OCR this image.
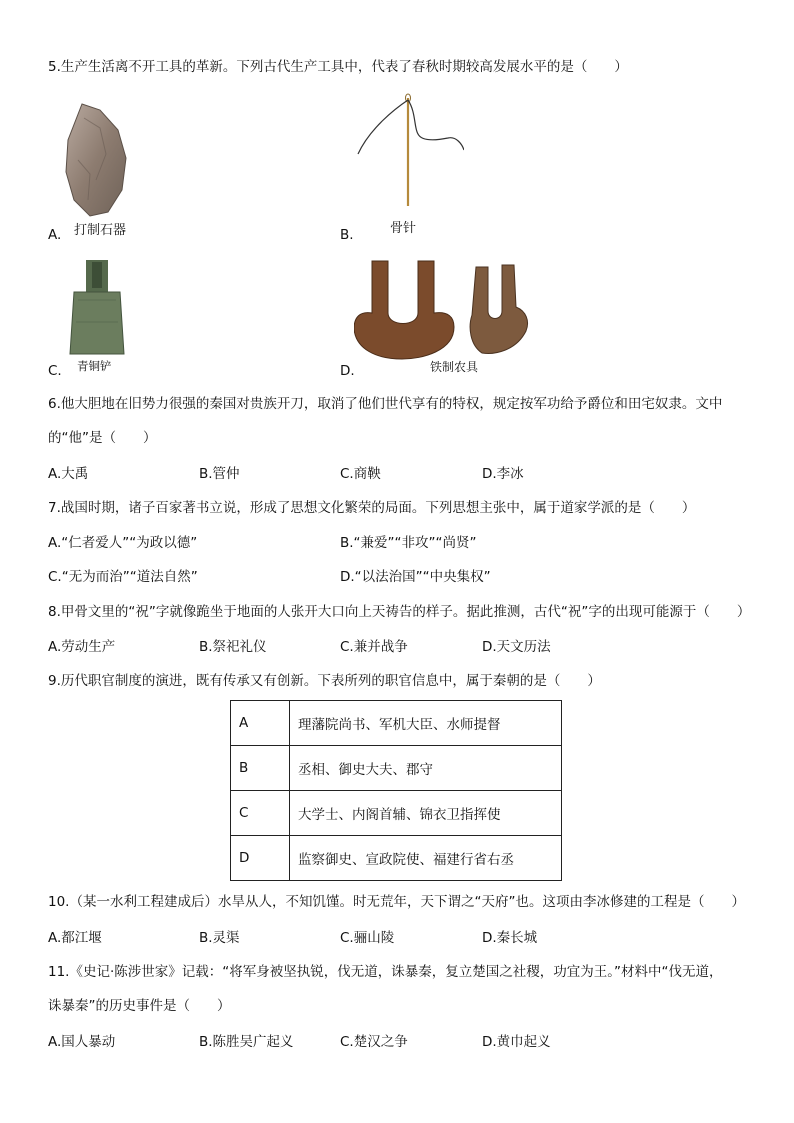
5.生产生活离不开工具的革新。下列古代生产工具中，代表了春秋时期较高发展水平的是（　　）
A. 打制石器	B.	骨针
C. 青铜铲	D.	铁制农具
6.他大胆地在旧势力很强的秦国对贵族开刀，取消了他们世代享有的特权，规定按军功给予爵位和田宅奴隶。文中
的“他”是（　　）
A.大禹	B.管仲	C.商鞅	D.李冰
7.战国时期，诸子百家著书立说，形成了思想文化繁荣的局面。下列思想主张中，属于道家学派的是（　　）
A.“仁者爱人”“为政以德”	B.“兼爱”“非攻”“尚贤”
C.“无为而治”“道法自然”	D.“以法治国”“中央集权”
8.甲骨文里的“祝”字就像跪坐于地面的人张开大口向上天祷告的样子。据此推测，古代“祝”字的出现可能源于（　　）
A.劳动生产	B.祭祀礼仪	C.兼并战争	D.天文历法
9.历代职官制度的演进，既有传承又有创新。下表所列的职官信息中，属于秦朝的是（　　）
A	理藩院尚书、军机大臣、水师提督
B	丞相、御史大夫、郡守
C	大学士、内阁首辅、锦衣卫指挥使
D	监察御史、宣政院使、福建行省右丞
10.（某一水利工程建成后）水旱从人，不知饥馑。时无荒年，天下谓之“天府”也。这项由李冰修建的工程是（　　）
A.都江堰	B.灵渠	C.骊山陵	D.秦长城
11.《史记·陈涉世家》记载：“将军身被坚执锐，伐无道，诛暴秦，复立楚国之社稷，功宜为王。”材料中“伐无道，
诛暴秦”的历史事件是（　　）
A.国人暴动	B.陈胜吴广起义	C.楚汉之争	D.黄巾起义
